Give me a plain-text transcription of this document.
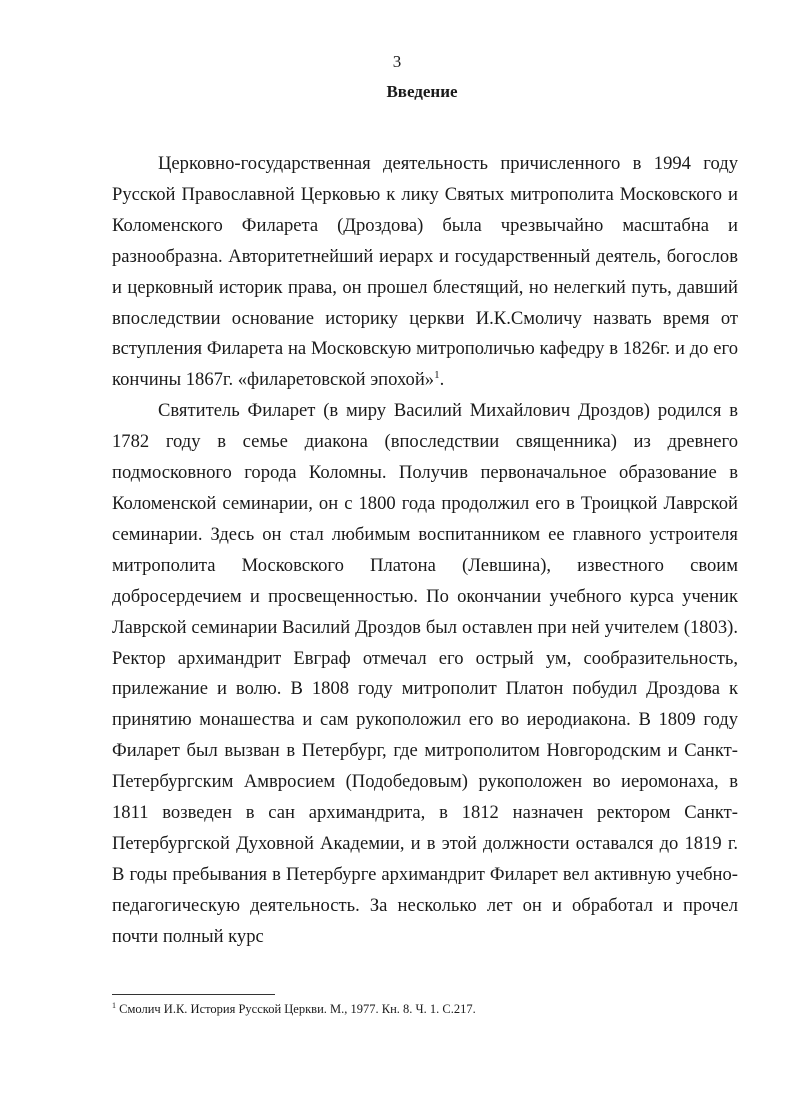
3
Введение

Церковно-государственная деятельность причисленного в 1994 году Русской Православной Церковью к лику Святых митрополита Московского и Коломенского Филарета (Дроздова) была чрезвычайно масштабна и разнообразна. Авторитетнейший иерарх и государственный деятель, богослов и церковный историк права, он прошел блестящий, но нелегкий путь, давший впоследствии основание историку церкви И.К.Смоличу назвать время от вступления Филарета на Московскую митрополичью кафедру в 1826г. и до его кончины 1867г. «филаретовской эпохой»$^1$.

Святитель Филарет (в миру Василий Михайлович Дроздов) родился в 1782 году в семье диакона (впоследствии священника) из древнего подмосковного города Коломны. Получив первоначальное образование в Коломенской семинарии, он с 1800 года продолжил его в Троицкой Лаврской семинарии. Здесь он стал любимым воспитанником ее главного устроителя митрополита Московского Платона (Левшина), известного своим добросердечием и просвещенностью. По окончании учебного курса ученик Лаврской семинарии Василий Дроздов был оставлен при ней учителем (1803). Ректор архимандрит Евграф отмечал его острый ум, сообразительность, прилежание и волю. В 1808 году митрополит Платон побудил Дроздова к принятию монашества и сам рукоположил его во иеродиакона. В 1809 году Филарет был вызван в Петербург, где митрополитом Новгородским и Санкт-Петербургским Амвросием (Подобедовым) рукоположен во иеромонаха, в 1811 возведен в сан архимандрита, в 1812 назначен ректором Санкт-Петербургской Духовной Академии, и в этой должности оставался до 1819 г. В годы пребывания в Петербурге архимандрит Филарет вел активную учебно-педагогическую деятельность. За несколько лет он и обработал и прочел почти полный курс

$^1$ Смолич И.К. История Русской Церкви. М., 1977. Кн. 8. Ч. 1. С.217.
